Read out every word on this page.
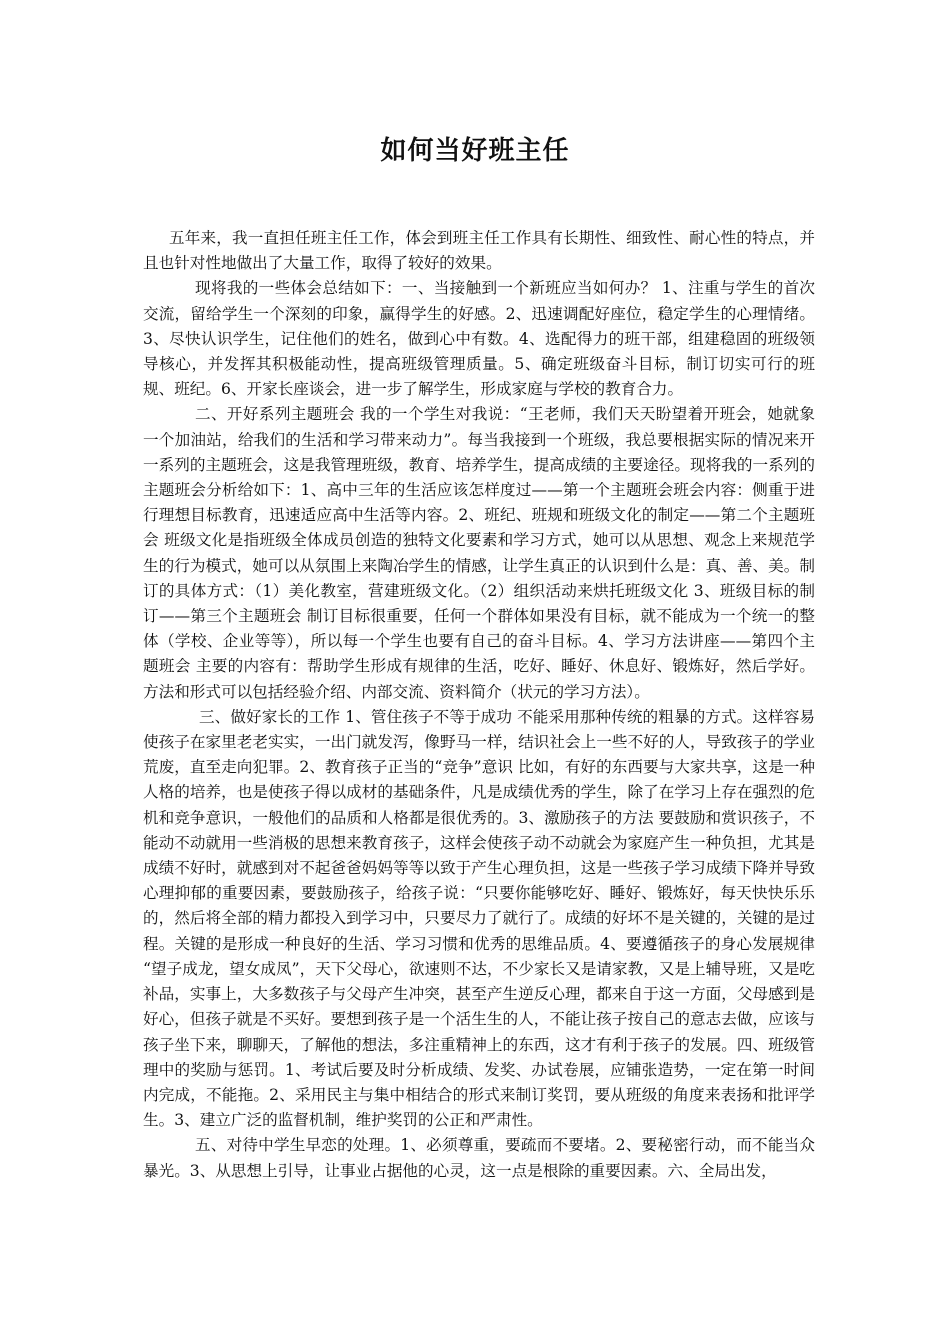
如何当好班主任

五年来，我一直担任班主任工作，体会到班主任工作具有长期性、细致性、耐心性的特点，并且也针对性地做出了大量工作，取得了较好的效果。

现将我的一些体会总结如下：一、当接触到一个新班应当如何办？ 1、注重与学生的首次交流，留给学生一个深刻的印象，赢得学生的好感。2、迅速调配好座位，稳定学生的心理情绪。3、尽快认识学生，记住他们的姓名，做到心中有数。4、选配得力的班干部，组建稳固的班级领导核心，并发挥其积极能动性，提高班级管理质量。5、确定班级奋斗目标，制订切实可行的班规、班纪。6、开家长座谈会，进一步了解学生，形成家庭与学校的教育合力。

二、开好系列主题班会 我的一个学生对我说：“王老师，我们天天盼望着开班会，她就象一个加油站，给我们的生活和学习带来动力”。每当我接到一个班级，我总要根据实际的情况来开一系列的主题班会，这是我管理班级，教育、培养学生，提高成绩的主要途径。现将我的一系列的主题班会分析给如下：1、高中三年的生活应该怎样度过——第一个主题班会班会内容：侧重于进行理想目标教育，迅速适应高中生活等内容。2、班纪、班规和班级文化的制定——第二个主题班会 班级文化是指班级全体成员创造的独特文化要素和学习方式，她可以从思想、观念上来规范学生的行为模式，她可以从氛围上来陶冶学生的情感，让学生真正的认识到什么是：真、善、美。制订的具体方式：（1）美化教室，营建班级文化。（2）组织活动来烘托班级文化 3、班级目标的制订——第三个主题班会 制订目标很重要，任何一个群体如果没有目标，就不能成为一个统一的整体（学校、企业等等），所以每一个学生也要有自己的奋斗目标。4、学习方法讲座——第四个主题班会 主要的内容有：帮助学生形成有规律的生活，吃好、睡好、休息好、锻炼好，然后学好。方法和形式可以包括经验介绍、内部交流、资料简介（状元的学习方法）。

三、做好家长的工作 1、管住孩子不等于成功 不能采用那种传统的粗暴的方式。这样容易使孩子在家里老老实实，一出门就发泻，像野马一样，结识社会上一些不好的人，导致孩子的学业荒废，直至走向犯罪。2、教育孩子正当的“竞争”意识 比如，有好的东西要与大家共享，这是一种人格的培养，也是使孩子得以成材的基础条件，凡是成绩优秀的学生，除了在学习上存在强烈的危机和竞争意识，一般他们的品质和人格都是很优秀的。3、激励孩子的方法 要鼓励和赏识孩子，不能动不动就用一些消极的思想来教育孩子，这样会使孩子动不动就会为家庭产生一种负担，尤其是成绩不好时，就感到对不起爸爸妈妈等等以致于产生心理负担，这是一些孩子学习成绩下降并导致心理抑郁的重要因素，要鼓励孩子，给孩子说：“只要你能够吃好、睡好、锻炼好，每天快快乐乐的，然后将全部的精力都投入到学习中，只要尽力了就行了。成绩的好坏不是关键的，关键的是过程。关键的是形成一种良好的生活、学习习惯和优秀的思维品质。4、要遵循孩子的身心发展规律 “望子成龙，望女成凤”，天下父母心，欲速则不达，不少家长又是请家教，又是上辅导班，又是吃补品，实事上，大多数孩子与父母产生冲突，甚至产生逆反心理，都来自于这一方面，父母感到是好心，但孩子就是不买好。要想到孩子是一个活生生的人，不能让孩子按自己的意志去做，应该与孩子坐下来，聊聊天，了解他的想法，多注重精神上的东西，这才有利于孩子的发展。四、班级管理中的奖励与惩罚。1、考试后要及时分析成绩、发奖、办试卷展，应铺张造势，一定在第一时间内完成，不能拖。2、采用民主与集中相结合的形式来制订奖罚，要从班级的角度来表扬和批评学生。3、建立广泛的监督机制，维护奖罚的公正和严肃性。

五、对待中学生早恋的处理。1、必须尊重，要疏而不要堵。2、要秘密行动，而不能当众暴光。3、从思想上引导，让事业占据他的心灵，这一点是根除的重要因素。六、全局出发，
